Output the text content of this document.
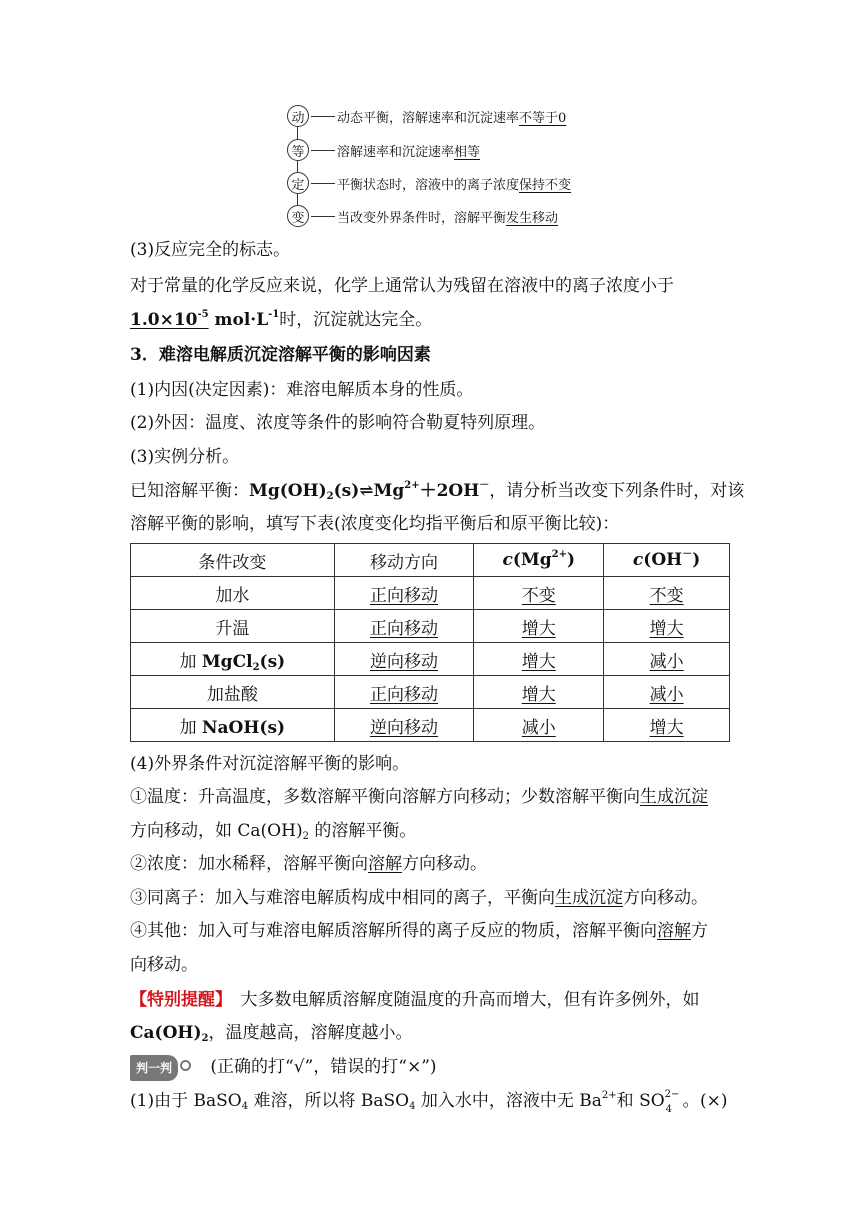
动	动态平衡，溶解速率和沉淀速率 不等于0
等	溶解速率和沉淀速率 相等
定	平衡状态时，溶液中的离子浓度 保持不变
变	当改变外界条件时，溶解平衡 发生移动
(3)反应完全的标志。
对于常量的化学反应来说，化学上通常认为残留在溶液中的离子浓度小于
$1.0\times 10^{-5}$ $mol\cdot L^{-1}$时，沉淀就达完全。
3．难溶电解质沉淀溶解平衡的影响因素
(1)内因(决定因素)：难溶电解质本身的性质。
(2)外因：温度、浓度等条件的影响符合勒夏特列原理。
(3)实例分析。
已知溶解平衡：$Mg(OH)_2(s)\rightleftharpoons Mg^{2+}+2OH^-$，请分析当改变下列条件时，对该
溶解平衡的影响，填写下表(浓度变化均指平衡后和原平衡比较)：
条件改变	移动方向	$c(Mg^{2+})$	c(OH－)
加水	正向移动	不变	不变
升温	正向移动	增大	增大
加 MgCl$_2$(s)	逆向移动	增大	减小
加盐酸	正向移动	增大	减小
加 NaOH(s)	逆向移动	减小	增大
(4)外界条件对沉淀溶解平衡的影响。
①温度：升高温度，多数溶解平衡向溶解方向移动；少数溶解平衡向生成沉淀
方向移动，如 $Ca(OH)_2$ 的溶解平衡。
②浓度：加水稀释，溶解平衡向溶解方向移动。
③同离子：加入与难溶电解质构成中相同的离子，平衡向生成沉淀方向移动。
④其他：加入可与难溶电解质溶解所得的离子反应的物质，溶解平衡向溶解方
向移动。
【特别提醒】　大多数电解质溶解度随温度的升高而增大，但有许多例外，如
$Ca(OH)_2$，温度越高，溶解度越小。
判一判 (正确的打“√”，错误的打“×”)
(1)由于 BaSO$_4$ 难溶，所以将 BaSO$_4$ 加入水中，溶液中无 $Ba^{2+}$和 SO 2−
4 。 (×)
